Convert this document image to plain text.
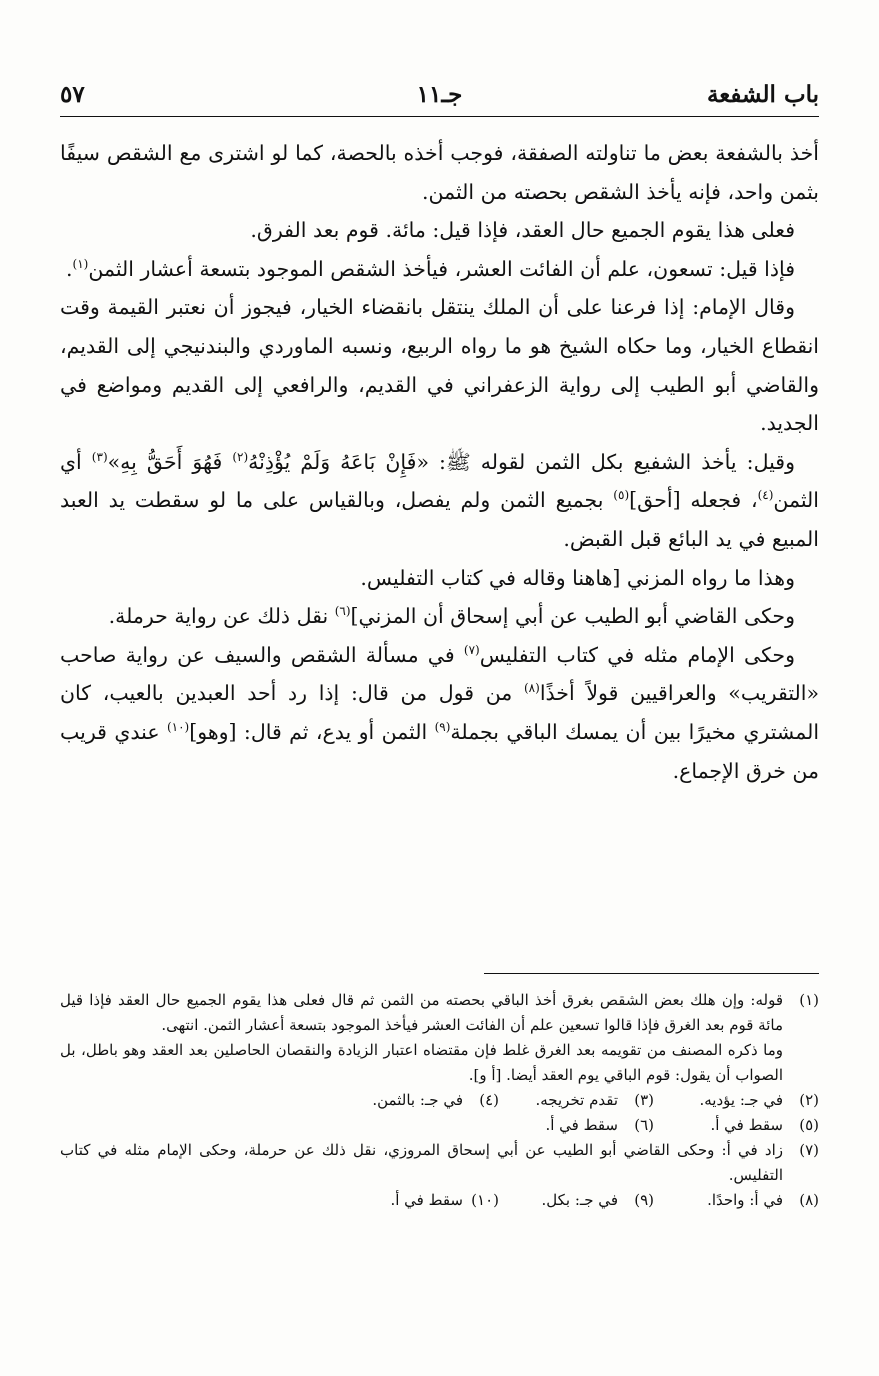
باب الشفعة
جـ١١
٥٧

أخذ بالشفعة بعض ما تناولته الصفقة، فوجب أخذه بالحصة، كما لو اشترى مع الشقص سيفًا بثمن واحد، فإنه يأخذ الشقص بحصته من الثمن.

فعلى هذا يقوم الجميع حال العقد، فإذا قيل: مائة. قوم بعد الفرق.

فإذا قيل: تسعون، علم أن الفائت العشر، فيأخذ الشقص الموجود بتسعة أعشار الثمن$^{(١)}$.

وقال الإمام: إذا فرعنا على أن الملك ينتقل بانقضاء الخيار، فيجوز أن نعتبر القيمة وقت انقطاع الخيار، وما حكاه الشيخ هو ما رواه الربيع، ونسبه الماوردي والبندنيجي إلى القديم، والقاضي أبو الطيب إلى رواية الزعفراني في القديم، والرافعي إلى القديم ومواضع في الجديد.

وقيل: يأخذ الشفيع بكل الثمن لقوله ﷺ: «فَإِنْ بَاعَهُ وَلَمْ يُؤْذِنْهُ$^{(٢)}$ فَهُوَ أَحَقُّ بِهِ»$^{(٣)}$ أي الثمن$^{(٤)}$، فجعله [أحق]$^{(٥)}$ بجميع الثمن ولم يفصل، وبالقياس على ما لو سقطت يد العبد المبيع في يد البائع قبل القبض.

وهذا ما رواه المزني [هاهنا وقاله في كتاب التفليس.

وحكى القاضي أبو الطيب عن أبي إسحاق أن المزني]$^{(٦)}$ نقل ذلك عن رواية حرملة.

وحكى الإمام مثله في كتاب التفليس$^{(٧)}$ في مسألة الشقص والسيف عن رواية صاحب «التقريب» والعراقيين قولاً أخذًا$^{(٨)}$ من قول من قال: إذا رد أحد العبدين بالعيب، كان المشتري مخيرًا بين أن يمسك الباقي بجملة$^{(٩)}$ الثمن أو يدع، ثم قال: [وهو]$^{(١٠)}$ عندي قريب من خرق الإجماع.

(١)
قوله: وإن هلك بعض الشقص بغرق أخذ الباقي بحصته من الثمن ثم قال فعلى هذا يقوم الجميع حال العقد فإذا قيل مائة قوم بعد الغرق فإذا قالوا تسعين علم أن الفائت العشر فيأخذ الموجود بتسعة أعشار الثمن. انتهى.

وما ذكره المصنف من تقويمه بعد الغرق غلط فإن مقتضاه اعتبار الزيادة والنقصان الحاصلين بعد العقد وهو باطل، بل الصواب أن يقول: قوم الباقي يوم العقد أيضا. [أ و].

(٢)
في جـ: يؤديه.
(٣)
تقدم تخريجه.
(٤)
في جـ: بالثمن.
(٥)
سقط في أ.
(٦)
سقط في أ.
(٧)
زاد في أ: وحكى القاضي أبو الطيب عن أبي إسحاق المروزي، نقل ذلك عن حرملة، وحكى الإمام مثله في كتاب التفليس.
(٨)
في أ: واحدًا.
(٩)
في جـ: بكل.
(١٠)
سقط في أ.
